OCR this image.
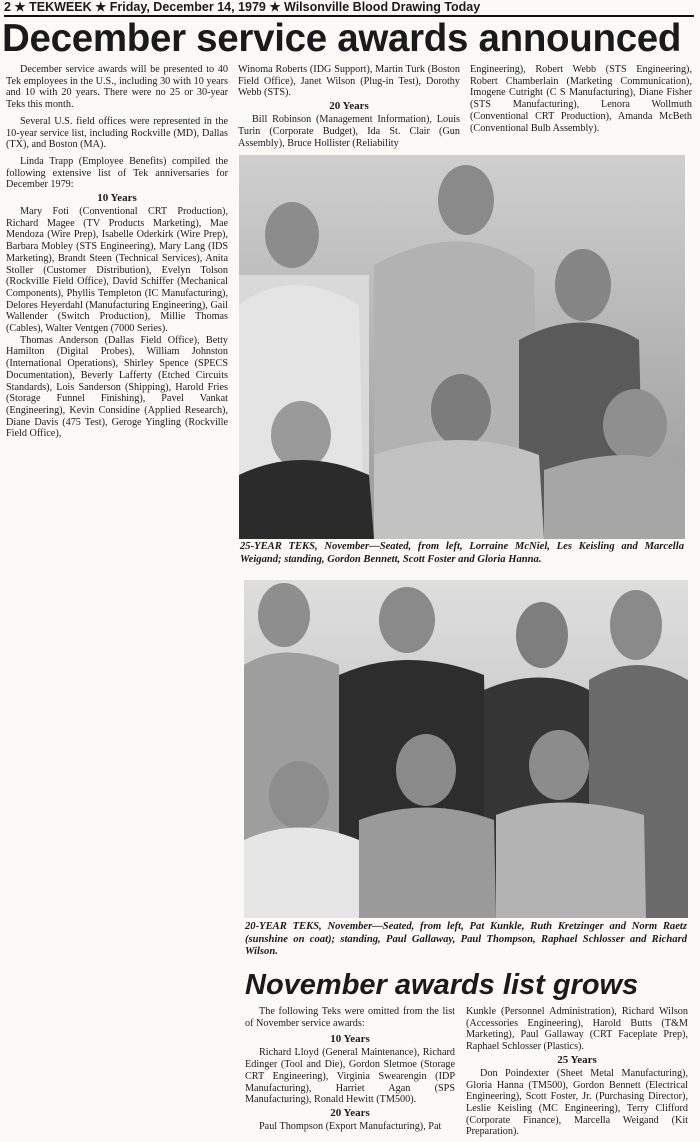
2 ★ TEKWEEK ★ Friday, December 14, 1979 ★ Wilsonville Blood Drawing Today
December service awards announced

December service awards will be presented to 40 Tek employees in the U.S., including 30 with 10 years and 10 with 20 years. There were no 25 or 30-year Teks this month.

Several U.S. field offices were represented in the 10-year service list, including Rockville (MD), Dallas (TX), and Boston (MA).

Linda Trapp (Employee Benefits) compiled the following extensive list of Tek anniversaries for December 1979:

10 Years

Mary Foti (Conventional CRT Production), Richard Magee (TV Products Marketing), Mae Mendoza (Wire Prep), Isabelle Oderkirk (Wire Prep), Barbara Mobley (STS Engineering), Mary Lang (IDS Marketing), Brandt Steen (Technical Services), Anita Stoller (Customer Distribution), Evelyn Tolson (Rockville Field Office), David Schiffer (Mechanical Components), Phyllis Templeton (IC Manufacturing), Delores Heyerdahl (Manufacturing Engineering), Gail Wallender (Switch Production), Millie Thomas (Cables), Walter Ventgen (7000 Series).

Thomas Anderson (Dallas Field Office), Betty Hamilton (Digital Probes), William Johnston (International Operations), Shirley Spence (SPECS Documentation), Beverly Lafferty (Etched Circuits Standards), Lois Sanderson (Shipping), Harold Fries (Storage Funnel Finishing), Pavel Vankat (Engineering), Kevin Considine (Applied Research), Diane Davis (475 Test), Geroge Yingling (Rockville Field Office),

Winoma Roberts (IDG Support), Martin Turk (Boston Field Office), Janet Wilson (Plug-in Test), Dorothy Webb (STS).

20 Years

Bill Robinson (Management Information), Louis Turin (Corporate Budget), Ida St. Clair (Gun Assembly), Bruce Hollister (Reliability

Engineering), Robert Webb (STS Engineering), Robert Chamberlain (Marketing Communication), Imogene Cutright (C S Manufacturing), Diane Fisher (STS Manufacturing), Lenora Wollmuth (Conventional CRT Production), Amanda McBeth (Conventional Bulb Assembly).

25-YEAR TEKS, November—Seated, from left, Lorraine McNiel, Les Keisling and Marcella Weigand; standing, Gordon Bennett, Scott Foster and Gloria Hanna.
20-YEAR TEKS, November—Seated, from left, Pat Kunkle, Ruth Kretzinger and Norm Raetz (sunshine on coat); standing, Paul Gallaway, Paul Thompson, Raphael Schlosser and Richard Wilson.
November awards list grows

The following Teks were omitted from the list of November service awards:

10 Years

Richard Lloyd (General Maintenance), Richard Edinger (Tool and Die), Gordon Sletmoe (Storage CRT Engineering), Virginia Swearengin (IDP Manufacturing), Harriet Agan (SPS Manufacturing), Ronald Hewitt (TM500).

20 Years

Paul Thompson (Export Manufacturing), Pat

Kunkle (Personnel Administration), Richard Wilson (Accessories Engineering), Harold Butts (T&M Marketing), Paul Gallaway (CRT Faceplate Prep), Raphael Schlosser (Plastics).

25 Years

Don Poindexter (Sheet Metal Manufacturing), Gloria Hanna (TM500), Gordon Bennett (Electrical Engineering), Scott Foster, Jr. (Purchasing Director), Leslie Keisling (MC Engineering), Terry Clifford (Corporate Finance), Marcella Weigand (Kit Preparation).
